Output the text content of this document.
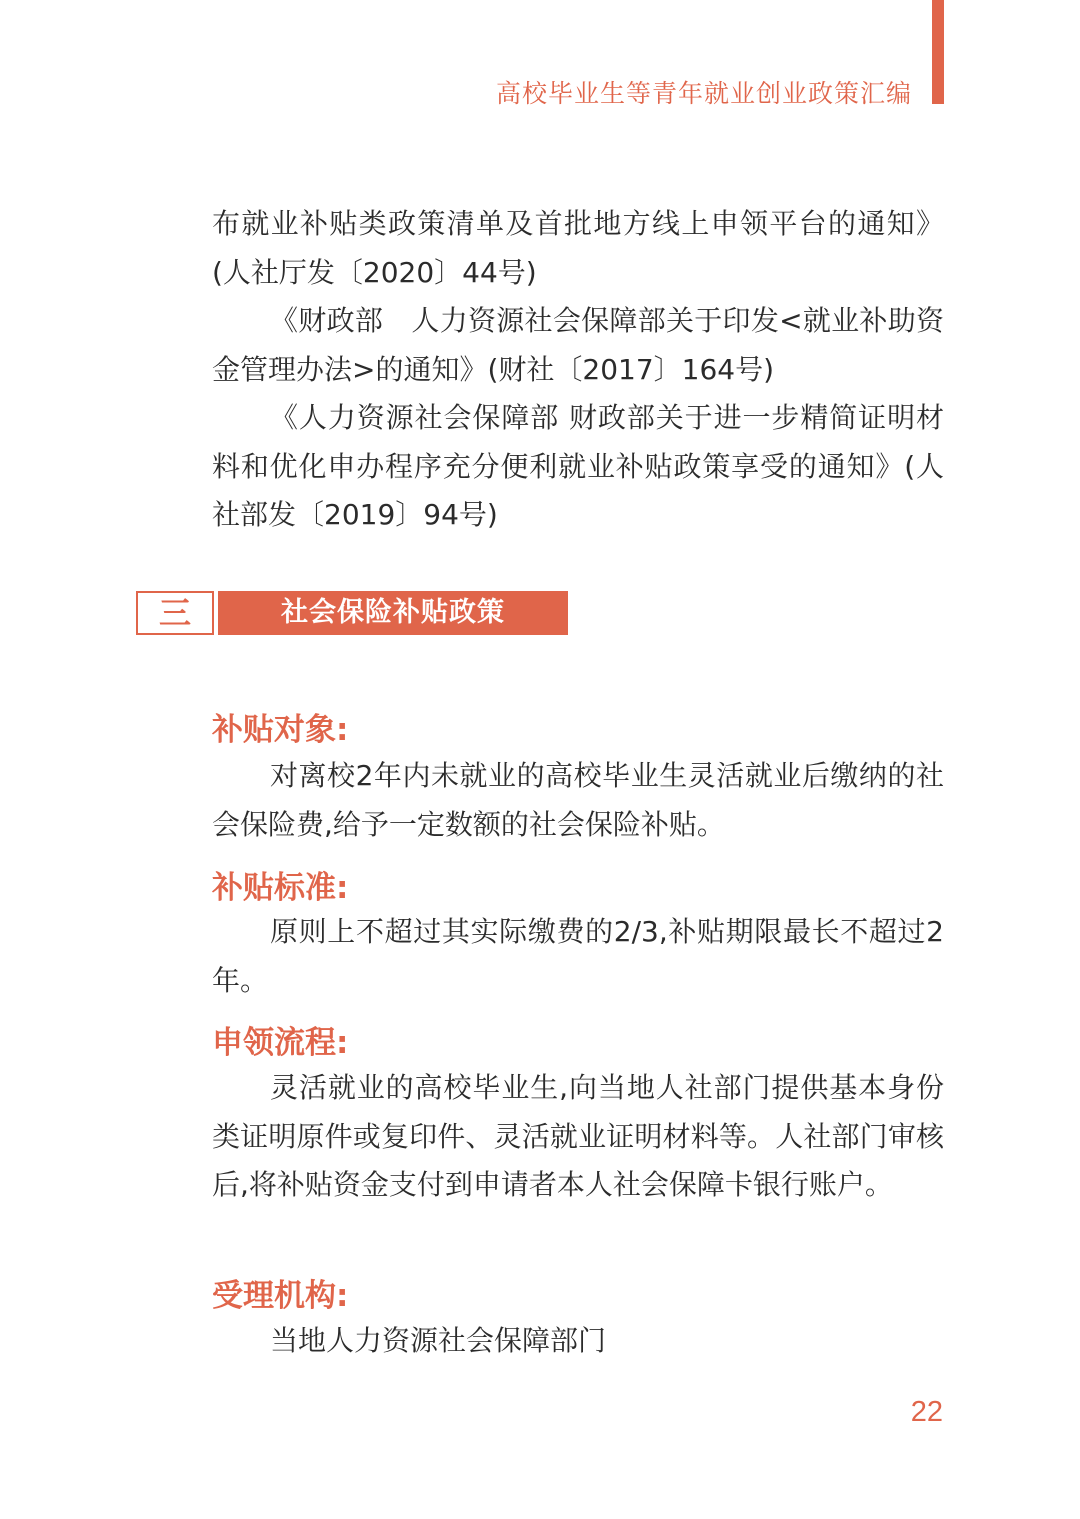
高校毕业生等青年就业创业政策汇编

布就业补贴类政策清单及首批地方线上申领平台的通知》(人社厅发〔2020〕44号)

《财政部　人力资源社会保障部关于印发<就业补助资金管理办法>的通知》(财社〔2017〕164号)

《人力资源社会保障部 财政部关于进一步精简证明材料和优化申办程序充分便利就业补贴政策享受的通知》(人社部发〔2019〕94号)

三	社会保险补贴政策
补贴对象:

对离校2年内未就业的高校毕业生灵活就业后缴纳的社会保险费,给予一定数额的社会保险补贴。

补贴标准:

原则上不超过其实际缴费的2/3,补贴期限最长不超过2年。

申领流程:

灵活就业的高校毕业生,向当地人社部门提供基本身份类证明原件或复印件、灵活就业证明材料等。人社部门审核后,将补贴资金支付到申请者本人社会保障卡银行账户。

受理机构:

当地人力资源社会保障部门

22
